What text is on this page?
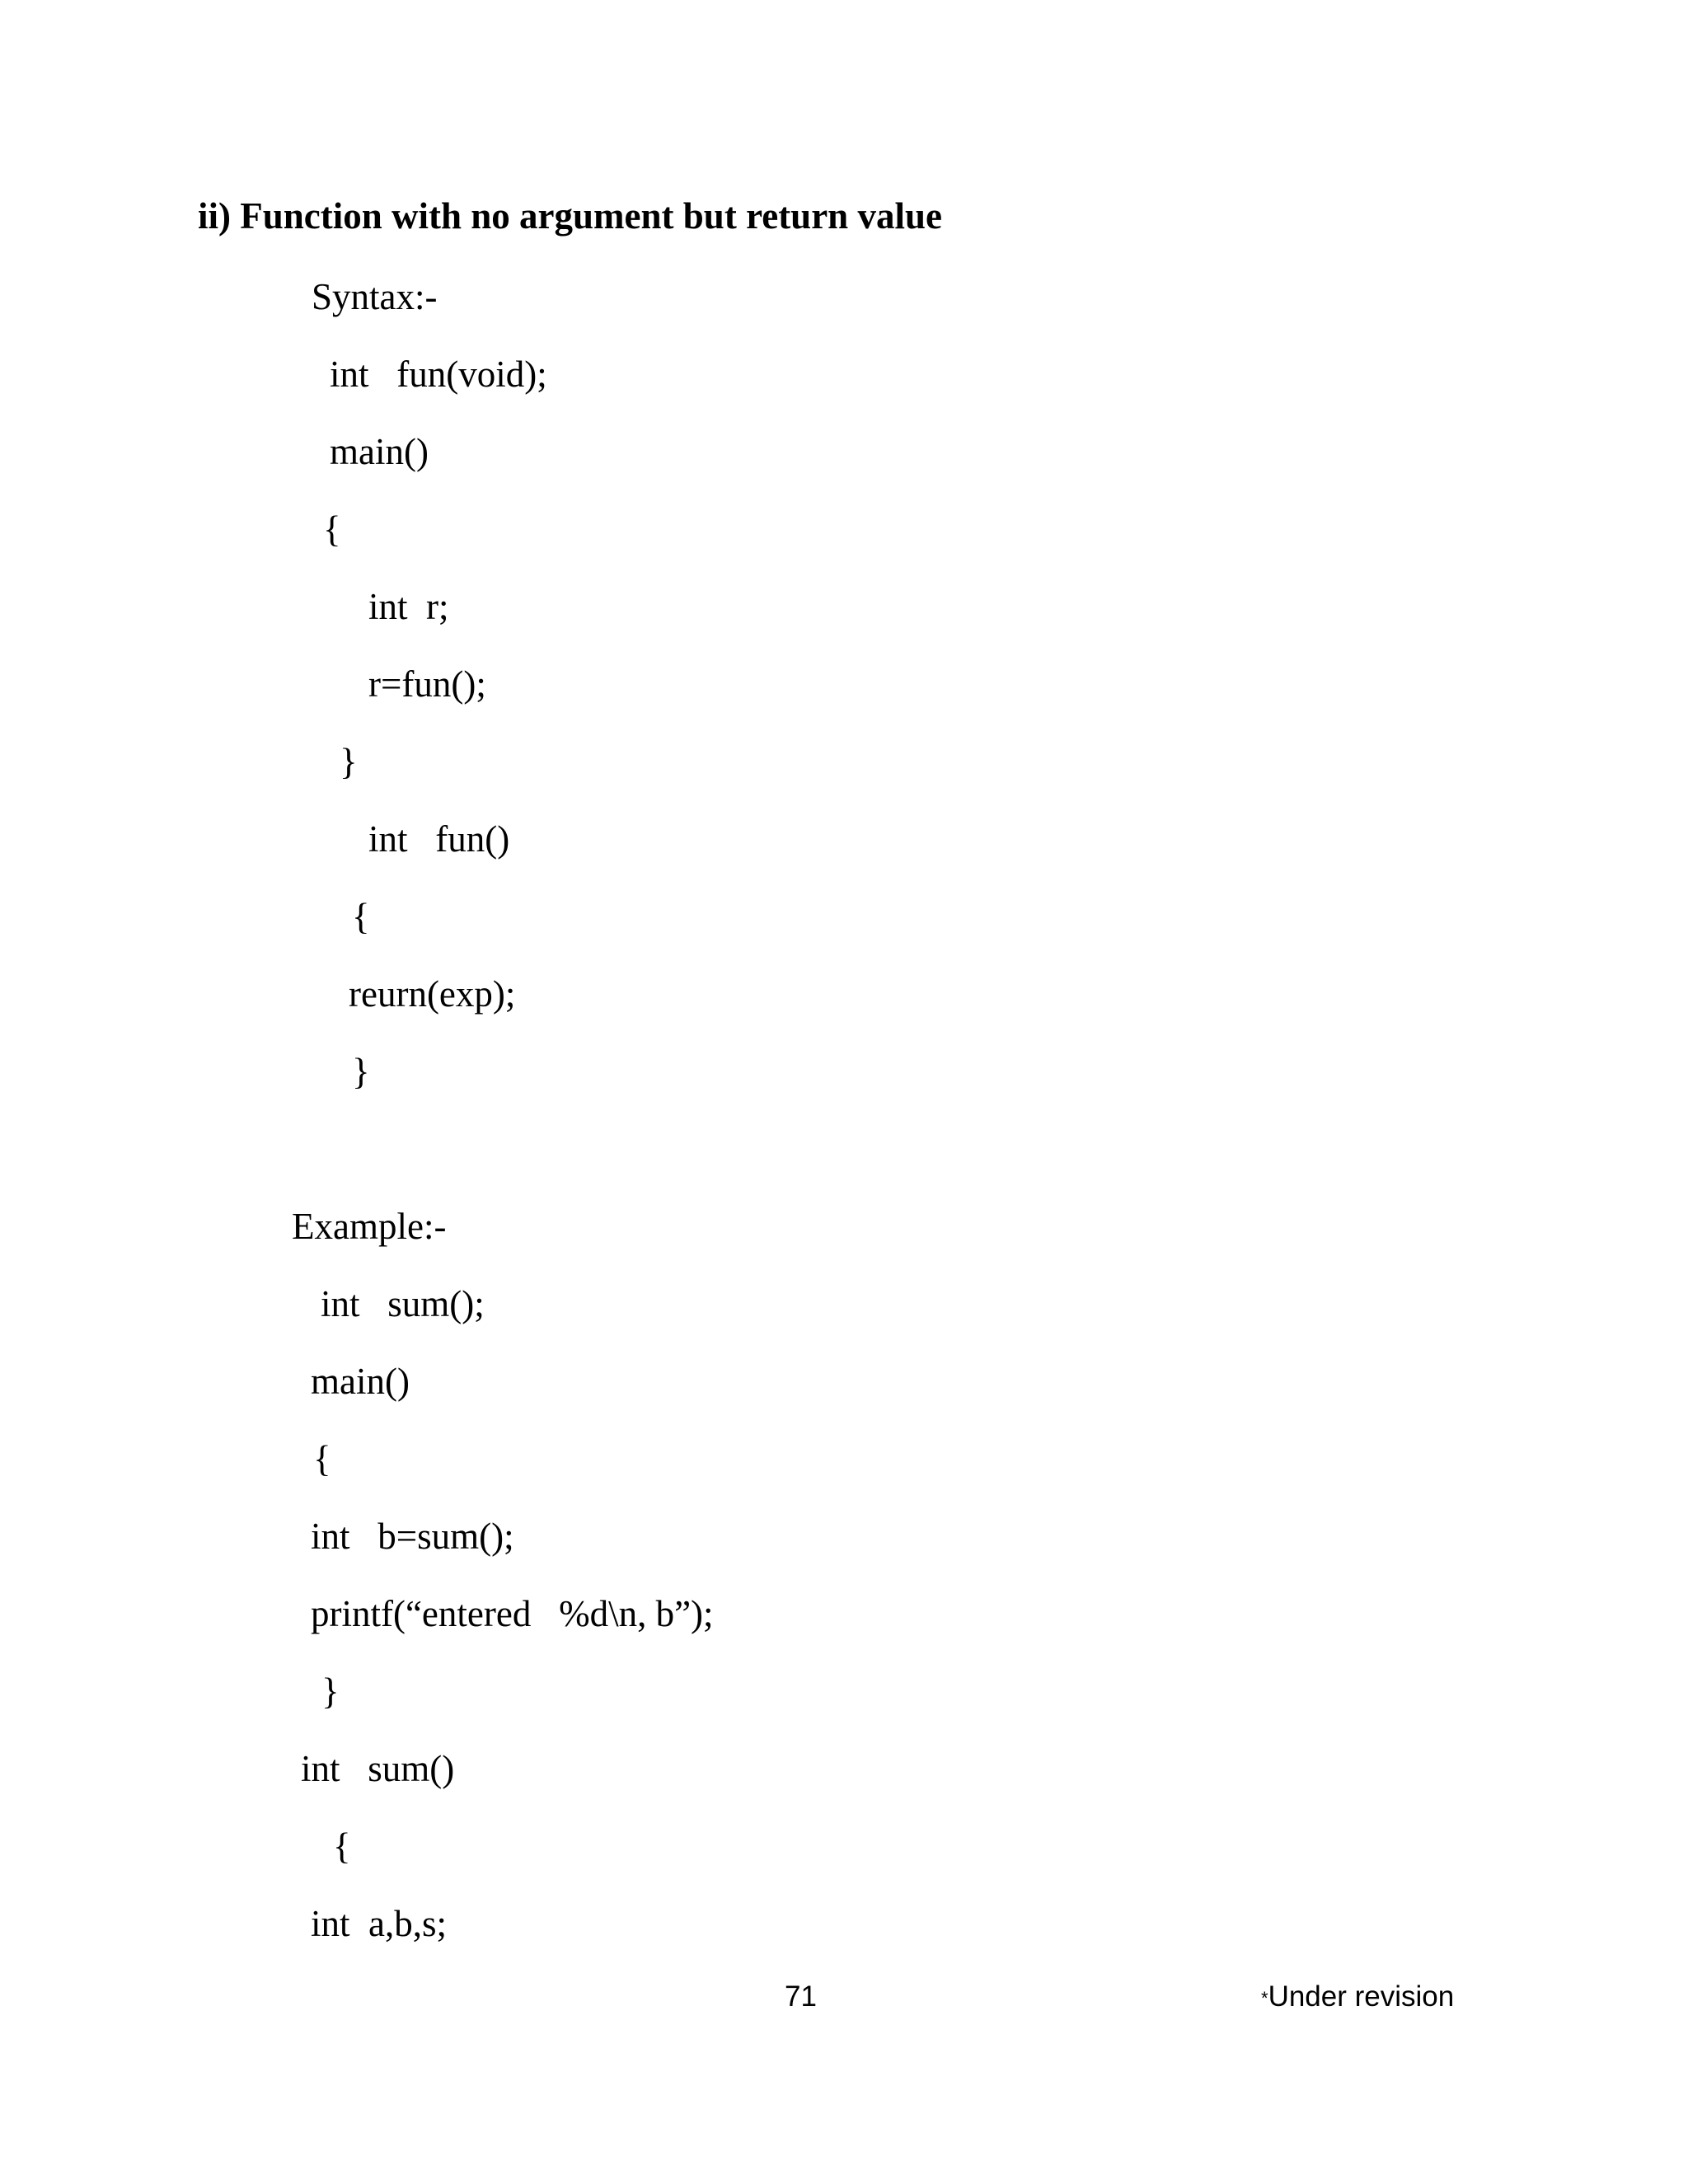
ii) Function with no argument but return value
Syntax:-
int   fun(void);
main()
{
int  r;
r=fun();
}
int   fun()
{
reurn(exp);
}
Example:-
int   sum();
main()
{
int   b=sum();
printf(“entered   %d\n, b”);
}
int   sum()
{
int  a,b,s;
71	*Under revision
